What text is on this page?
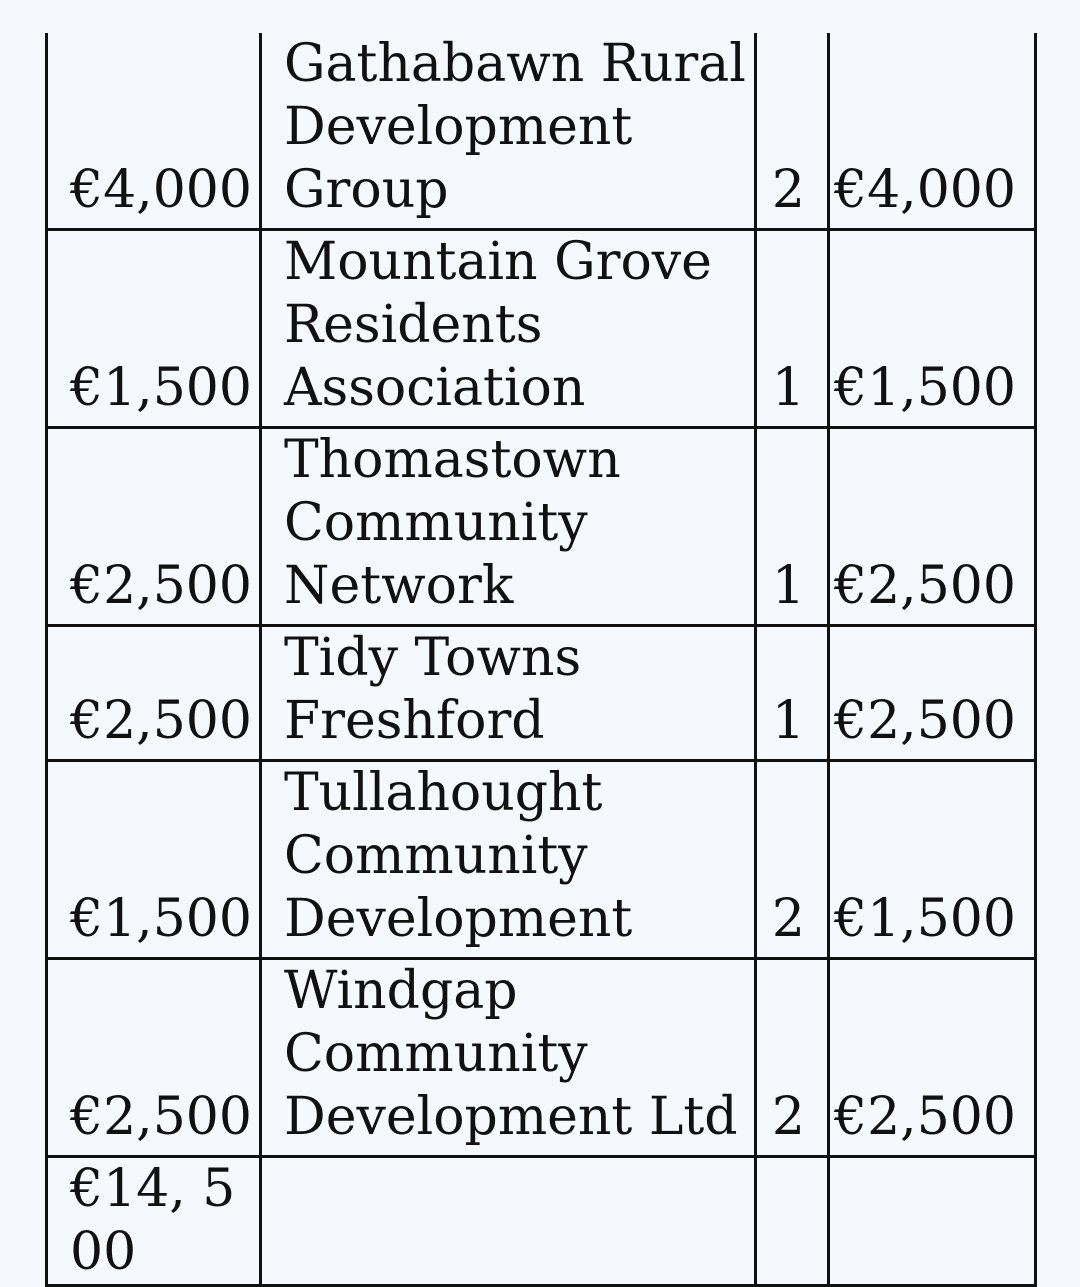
€4,000	Gathabawn Rural Development Group	2	€4,000
€1,500	Mountain Grove Residents Association	1	€1,500
€2,500	Thomastown Community Network	1	€2,500
€2,500	Tidy Towns Freshford	1	€2,500
€1,500	Tullahought Community Development	2	€1,500
€2,500	Windgap Community Development Ltd	2	€2,500
€14, 500			
